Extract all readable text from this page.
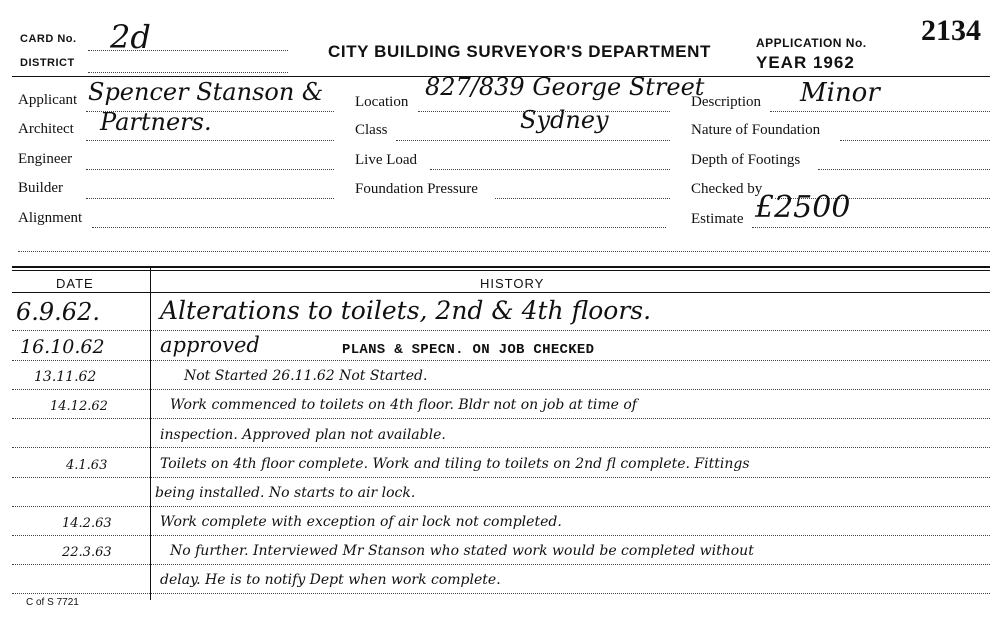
CARD No. 2d
DISTRICT
CITY BUILDING SURVEYOR'S DEPARTMENT	APPLICATION No. 2134
YEAR 1962
Applicant Spencer Stanson &
Architect Partners.
Engineer
Builder
Alignment
Location
827/839 George Street
Sydney
Class
Live Load
Foundation Pressure
Description Minor
Nature of Foundation
Depth of Footings
Checked by
Estimate £2500
DATE	HISTORY
6.9.62. Alterations to toilets, 2nd & 4th floors.
16.10.62	approved	PLANS & SPECN. ON JOB CHECKED
13.11.62	Not Started 26.11.62 Not Started.
14.12.62	Work commenced to toilets on 4th floor. Bldr not on job at time of
inspection. Approved plan not available.
4.1.63	Toilets on 4th floor complete. Work and tiling to toilets on 2nd fl complete. Fittings
being installed. No starts to air lock.
14.2.63	Work complete with exception of air lock not completed.
22.3.63	No further. Interviewed Mr Stanson who stated work would be completed without
delay. He is to notify Dept when work complete.
C of S 7721
